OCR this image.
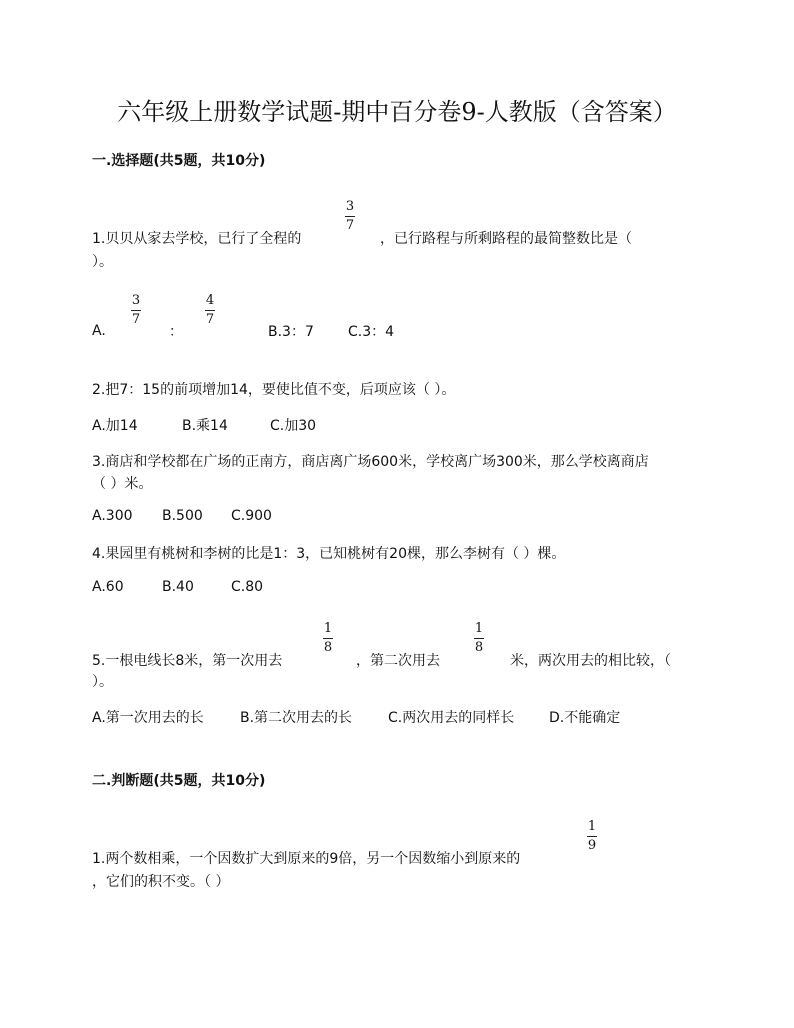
六年级上册数学试题-期中百分卷9-人教版（含答案）
一.选择题(共5题，共10分)
1.贝贝从家去学校，已行了全程的
3
7
，已行路程与所剩路程的最简整数比是（
）。
A.
3
7
：
4
7
B.3：7 C.3：4
2.把7：15的前项增加14，要使比值不变，后项应该（ ）。
A.加14	B.乘14	C.加30
3.商店和学校都在广场的正南方，商店离广场600米，学校离广场300米，那么学校离商店
（ ）米。
A.300 B.500 C.900
4.果园里有桃树和李树的比是1：3，已知桃树有20棵，那么李树有（ ）棵。
A.60	B.40	C.80
5.一根电线长8米，第一次用去
1
8
，第二次用去
1
8
米，两次用去的相比较，（
）。
A.第一次用去的长	B.第二次用去的长	C.两次用去的同样长 D.不能确定
二.判断题(共5题，共10分)
1.两个数相乘，一个因数扩大到原来的9倍，另一个因数缩小到原来的
1
9
，它们的积不变。（ ）
